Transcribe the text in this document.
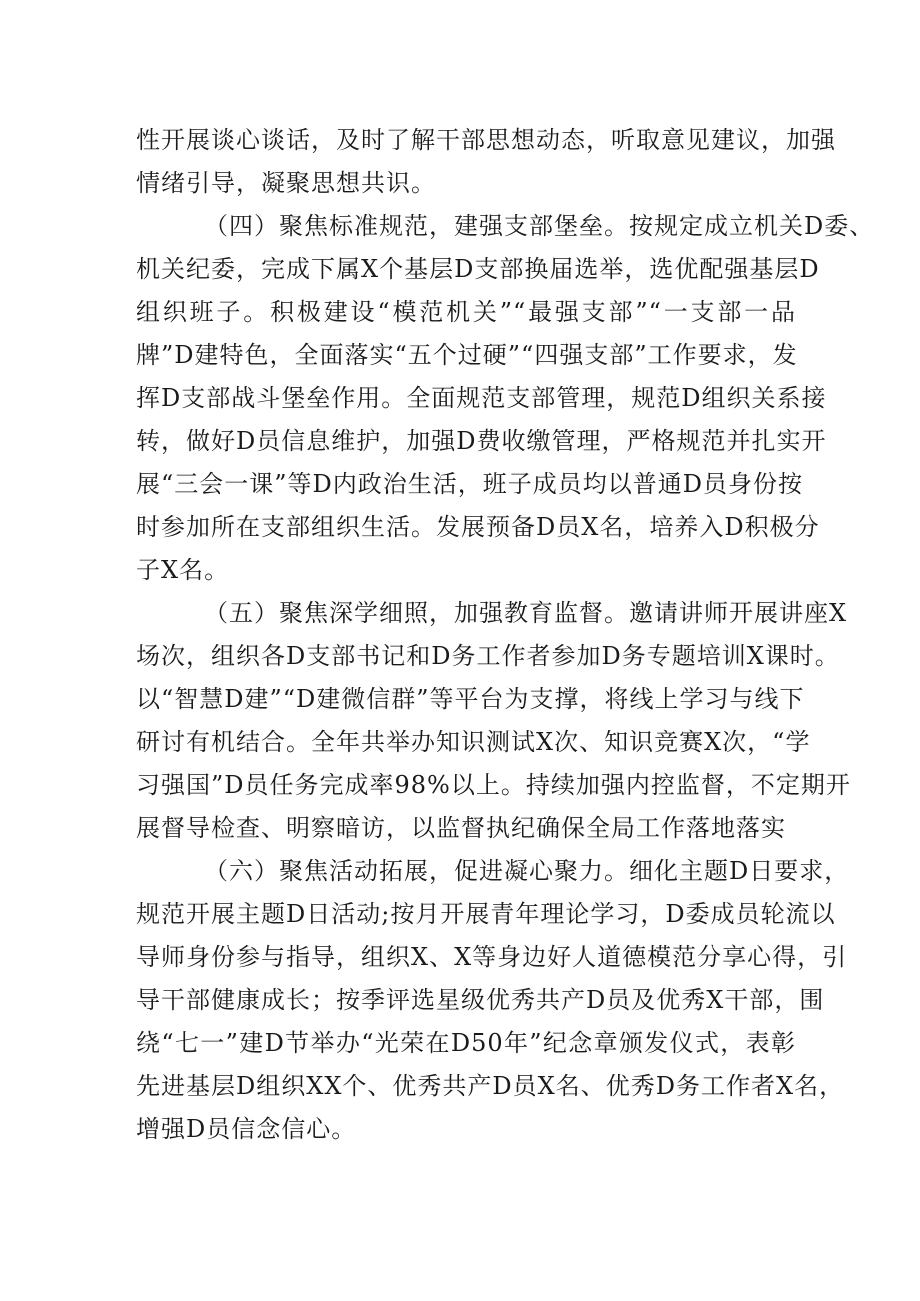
性开展谈心谈话，及时了解干部思想动态，听取意见建议，加强
情绪引导，凝聚思想共识。

（四）聚焦标准规范，建强支部堡垒。按规定成立机关D委、
机关纪委，完成下属X个基层D支部换届选举，选优配强基层D
组织班子。积极建设“模范机关”“最强支部”“一支部一品
牌”D建特色，全面落实“五个过硬”“四强支部”工作要求，发
挥D支部战斗堡垒作用。全面规范支部管理，规范D组织关系接
转，做好D员信息维护，加强D费收缴管理，严格规范并扎实开
展“三会一课”等D内政治生活，班子成员均以普通D员身份按
时参加所在支部组织生活。发展预备D员X名，培养入D积极分
子X名。

（五）聚焦深学细照，加强教育监督。邀请讲师开展讲座X
场次，组织各D支部书记和D务工作者参加D务专题培训X课时。
以“智慧D建”“D建微信群”等平台为支撑，将线上学习与线下
研讨有机结合。全年共举办知识测试X次、知识竞赛X次，“学
习强国”D员任务完成率98%以上。持续加强内控监督，不定期开
展督导检查、明察暗访，以监督执纪确保全局工作落地落实

（六）聚焦活动拓展，促进凝心聚力。细化主题D日要求，
规范开展主题D日活动;按月开展青年理论学习，D委成员轮流以
导师身份参与指导，组织X、X等身边好人道德模范分享心得，引
导干部健康成长；按季评选星级优秀共产D员及优秀X干部，围
绕“七一”建D节举办“光荣在D50年”纪念章颁发仪式，表彰
先进基层D组织XX个、优秀共产D员X名、优秀D务工作者X名，
增强D员信念信心。
